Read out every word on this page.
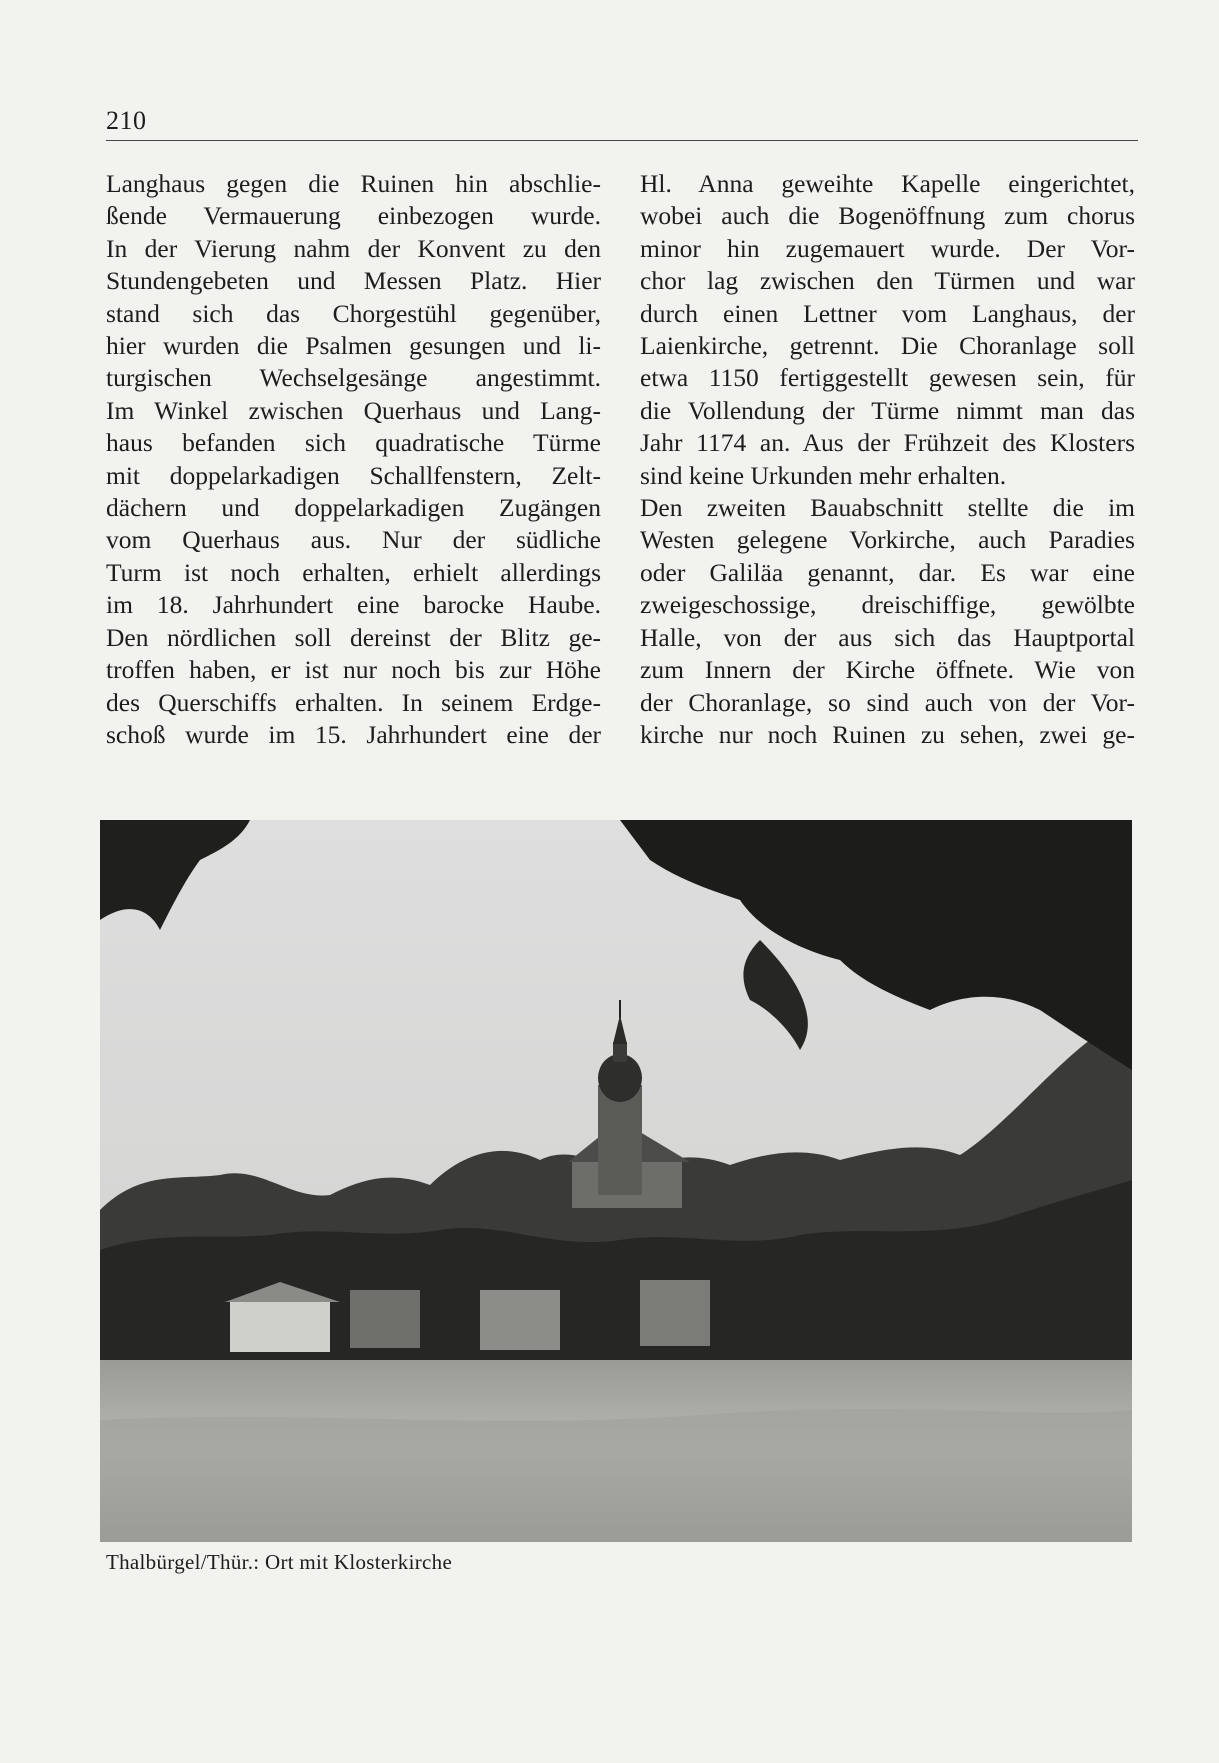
210
Langhaus gegen die Ruinen hin abschlie-
ßende Vermauerung einbezogen wurde.
In der Vierung nahm der Konvent zu den
Stundengebeten und Messen Platz. Hier
stand sich das Chorgestühl gegenüber,
hier wurden die Psalmen gesungen und li-
turgischen Wechselgesänge angestimmt.
Im Winkel zwischen Querhaus und Lang-
haus befanden sich quadratische Türme
mit doppelarkadigen Schallfenstern, Zelt-
dächern und doppelarkadigen Zugängen
vom Querhaus aus. Nur der südliche
Turm ist noch erhalten, erhielt allerdings
im 18. Jahrhundert eine barocke Haube.
Den nördlichen soll dereinst der Blitz ge-
troffen haben, er ist nur noch bis zur Höhe
des Querschiffs erhalten. In seinem Erdge-
schoß wurde im 15. Jahrhundert eine der
Hl. Anna geweihte Kapelle eingerichtet,
wobei auch die Bogenöffnung zum chorus
minor hin zugemauert wurde. Der Vor-
chor lag zwischen den Türmen und war
durch einen Lettner vom Langhaus, der
Laienkirche, getrennt. Die Choranlage soll
etwa 1150 fertiggestellt gewesen sein, für
die Vollendung der Türme nimmt man das
Jahr 1174 an. Aus der Frühzeit des Klosters
sind keine Urkunden mehr erhalten.
Den zweiten Bauabschnitt stellte die im
Westen gelegene Vorkirche, auch Paradies
oder Galiläa genannt, dar. Es war eine
zweigeschossige, dreischiffige, gewölbte
Halle, von der aus sich das Hauptportal
zum Innern der Kirche öffnete. Wie von
der Choranlage, so sind auch von der Vor-
kirche nur noch Ruinen zu sehen, zwei ge-
Thalbürgel/Thür.: Ort mit Klosterkirche
